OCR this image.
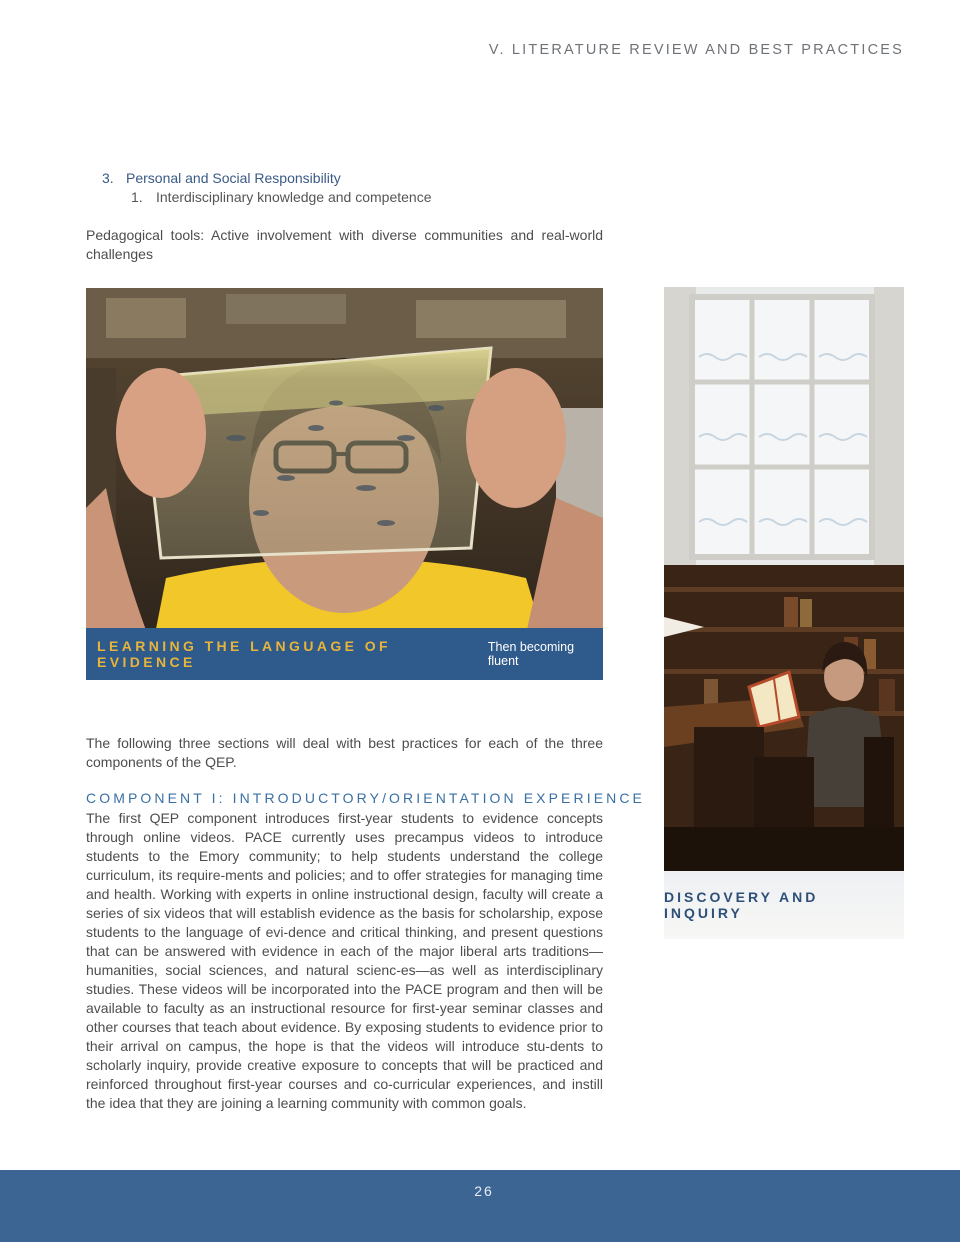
V. LITERATURE REVIEW AND BEST PRACTICES
3. Personal and Social Responsibility
1. Interdisciplinary knowledge and competence
Pedagogical tools: Active involvement with diverse communities and real-world challenges
LEARNING THE LANGUAGE OF EVIDENCE
Then becoming fluent
DISCOVERY AND INQUIRY
The following three sections will deal with best practices for each of the three components of the QEP.
COMPONENT I: INTRODUCTORY/ORIENTATION EXPERIENCE
The first QEP component introduces first-year students to evidence concepts through online videos. PACE currently uses precampus videos to introduce students to the Emory community; to help students understand the college curriculum, its require-ments and policies; and to offer strategies for managing time and health. Working with experts in online instructional design, faculty will create a series of six videos that will establish evidence as the basis for scholarship, expose students to the language of evi-dence and critical thinking, and present questions that can be answered with evidence in each of the major liberal arts traditions—humanities, social sciences, and natural scienc-es—as well as interdisciplinary studies. These videos will be incorporated into the PACE program and then will be available to faculty as an instructional resource for first-year seminar classes and other courses that teach about evidence. By exposing students to evidence prior to their arrival on campus, the hope is that the videos will introduce stu-dents to scholarly inquiry, provide creative exposure to concepts that will be practiced and reinforced throughout first-year courses and co-curricular experiences, and instill the idea that they are joining a learning community with common goals.
26
